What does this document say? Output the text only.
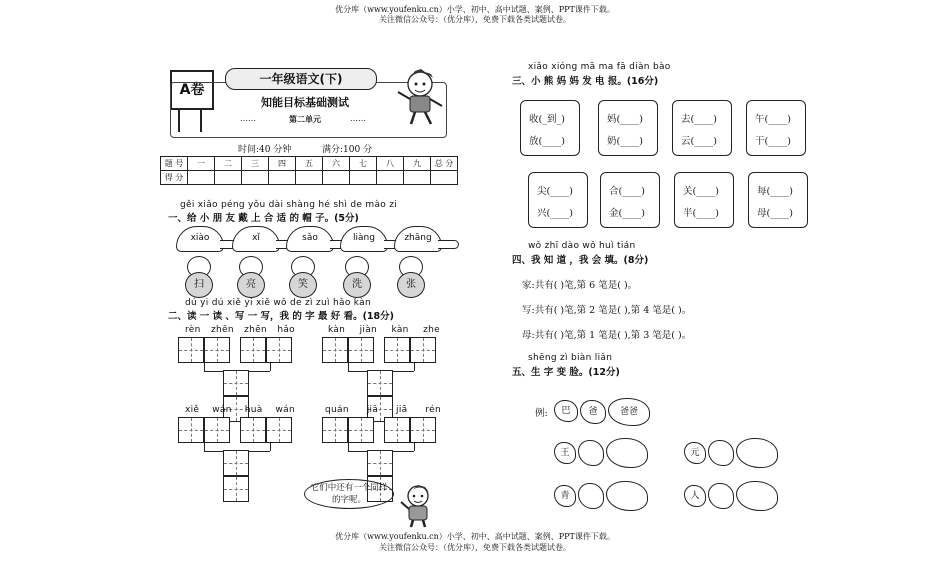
优分库（www.youfenku.cn）小学、初中、高中试题、案例、PPT课件下载。
关注微信公众号：（优分库），免费下载各类试题试卷。
A卷
一年级语文(下)
知能目标基础测试
第二单元
……	……
时间:40 分钟	满分:100 分
题 号	一	二	三	四	五	六	七	八	九	总 分
得 分										
gěi xiǎo péng yǒu dài shàng hé shì de mào zi
一、给 小 朋 友 戴 上 合 适 的 帽 子。(5分)
xiào	xǐ	sǎo	liàng	zhāng
扫	亮	笑	洗	张
dú yi dú xiě yi xiě wǒ de zì zuì hǎo kàn
二、读 一 读 、写 一 写，我 的 字 最 好 看。(18分)
rèn zhēn zhēn hǎo	kàn jiàn kàn zhe
xiě wán huà wán	quán jiā jiā rén
它们中还有一个同样的字呢。
xiǎo xióng mā ma fā diàn bào
三、小 熊 妈 妈 发 电 报。(16分)
收(_到_)
放(____)
妈(____)
奶(____)
去(____)
云(____)
午(____)
干(____)
尖(____)
兴(____)
合(____)
金(____)
关(____)
半(____)
每(____)
母(____)
wǒ zhī dào wǒ huì tián
四、我 知 道 ，我 会 填。(8分)
家:共有( )笔,第 6 笔是( )。
写:共有( )笔,第 2 笔是( ),第 4 笔是( )。
母:共有( )笔,第 1 笔是( ),第 3 笔是( )。
shēng zì biàn liǎn
五、生 字 变 脸。(12分)
例:	巴	爸	爸爸
王	元
青	人
优分库（www.youfenku.cn）小学、初中、高中试题、案例、PPT课件下载。
关注微信公众号：（优分库），免费下载各类试题试卷。
